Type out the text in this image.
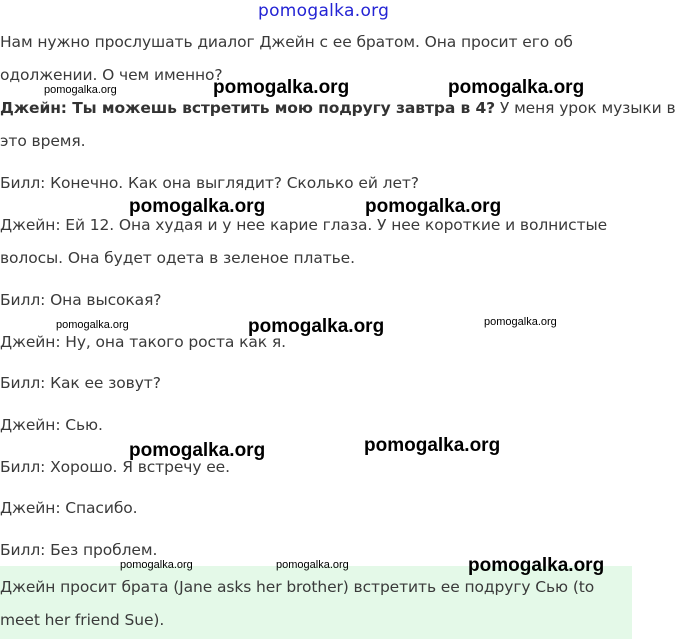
pomogalka.org
Нам нужно прослушать диалог Джейн с ее братом. Она просит его об
одолжении. О чем именно?
Джейн: Ты можешь встретить мою подругу завтра в 4? У меня урок музыки в
это время.
Билл: Конечно. Как она выглядит? Сколько ей лет?
Джейн: Ей 12. Она худая и у нее карие глаза. У нее короткие и волнистые
волосы. Она будет одета в зеленое платье.
Билл: Она высокая?
Джейн: Ну, она такого роста как я.
Билл: Как ее зовут?
Джейн: Сью.
Билл: Хорошо. Я встречу ее.
Джейн: Спасибо.
Билл: Без проблем.
Джейн просит брата (Jane asks her brother) встретить ее подругу Сью (to
meet her friend Sue).
pomogalka.org	pomogalka.org	pomogalka.org
pomogalka.org	pomogalka.org
pomogalka.org	pomogalka.org	pomogalka.org
pomogalka.org	pomogalka.org
pomogalka.org	pomogalka.org	pomogalka.org
